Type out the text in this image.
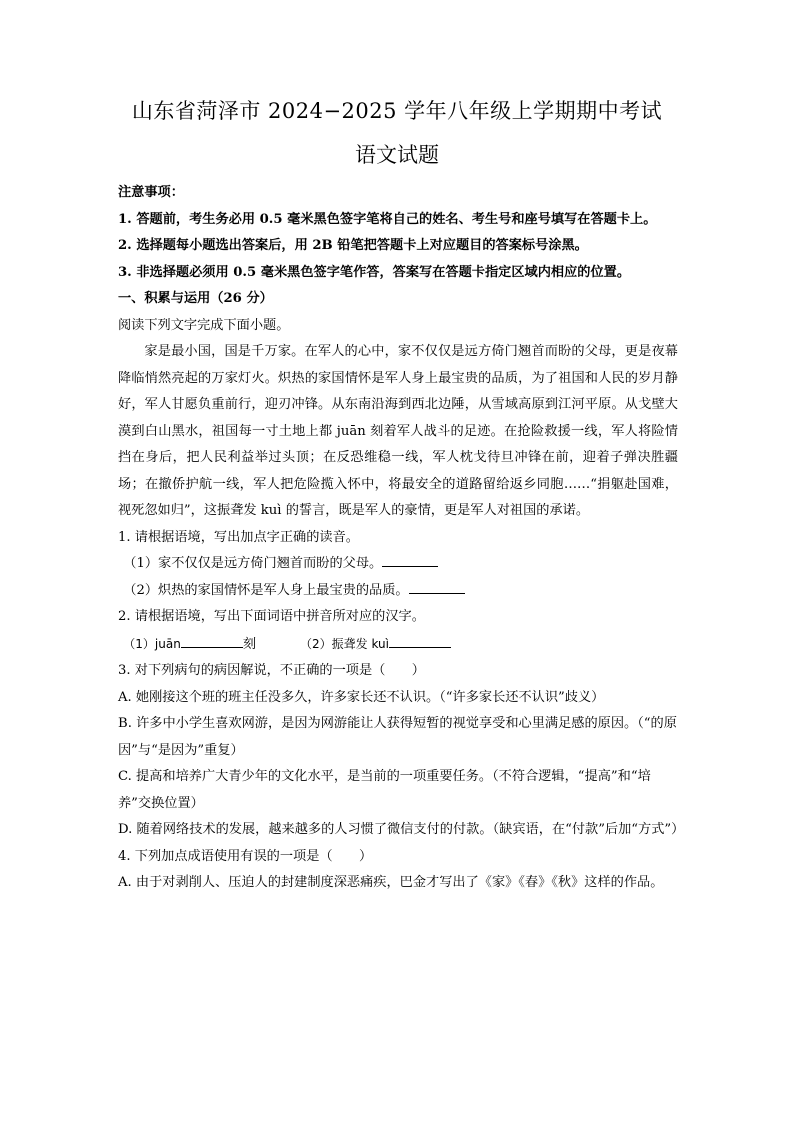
山东省菏泽市 2024−2025 学年八年级上学期期中考试
语文试题

注意事项：

1. 答题前，考生务必用 0.5 毫米黑色签字笔将自己的姓名、考生号和座号填写在答题卡上。

2. 选择题每小题选出答案后，用 2B 铅笔把答题卡上对应题目的答案标号涂黑。

3. 非选择题必须用 0.5 毫米黑色签字笔作答，答案写在答题卡指定区域内相应的位置。

一、积累与运用（26 分）

阅读下列文字完成下面小题。

家是最小国，国是千万家。在军人的心中，家不仅仅是远方倚门翘首而盼的父母，更是夜幕降临悄然亮起的万家灯火。炽热的家国情怀是军人身上最宝贵的品质，为了祖国和人民的岁月静好，军人甘愿负重前行，迎刃冲锋。从东南沿海到西北边陲，从雪域高原到江河平原。从戈壁大漠到白山黑水，祖国每一寸土地上都 juān 刻着军人战斗的足迹。在抢险救援一线，军人将险情挡在身后，把人民利益举过头顶；在反恐维稳一线，军人枕戈待旦冲锋在前，迎着子弹决胜疆场；在撤侨护航一线，军人把危险揽入怀中，将最安全的道路留给返乡同胞……“捐躯赴国难，视死忽如归”，这振聋发 kuì 的誓言，既是军人的豪情，更是军人对祖国的承诺。

1. 请根据语境，写出加点字正确的读音。

（1）家不仅仅是远方倚门翘首而盼的父母。

（2）炽热的家国情怀是军人身上最宝贵的品质。

2. 请根据语境，写出下面词语中拼音所对应的汉字。

（1）juān	刻	（2）振聋发 kuì

3. 对下列病句的病因解说，不正确的一项是（　　）

A. 她刚接这个班的班主任没多久，许多家长还不认识。（“许多家长还不认识”歧义）

B. 许多中小学生喜欢网游，是因为网游能让人获得短暂的视觉享受和心里满足感的原因。（“的原因”与“是因为”重复）

C. 提高和培养广大青少年的文化水平，是当前的一项重要任务。（不符合逻辑，“提高”和“培养”交换位置）

D. 随着网络技术的发展，越来越多的人习惯了微信支付的付款。（缺宾语，在“付款”后加“方式”）

4. 下列加点成语使用有误的一项是（　　）

A. 由于对剥削人、压迫人的封建制度深恶痛疾，巴金才写出了《家》《春》《秋》这样的作品。
